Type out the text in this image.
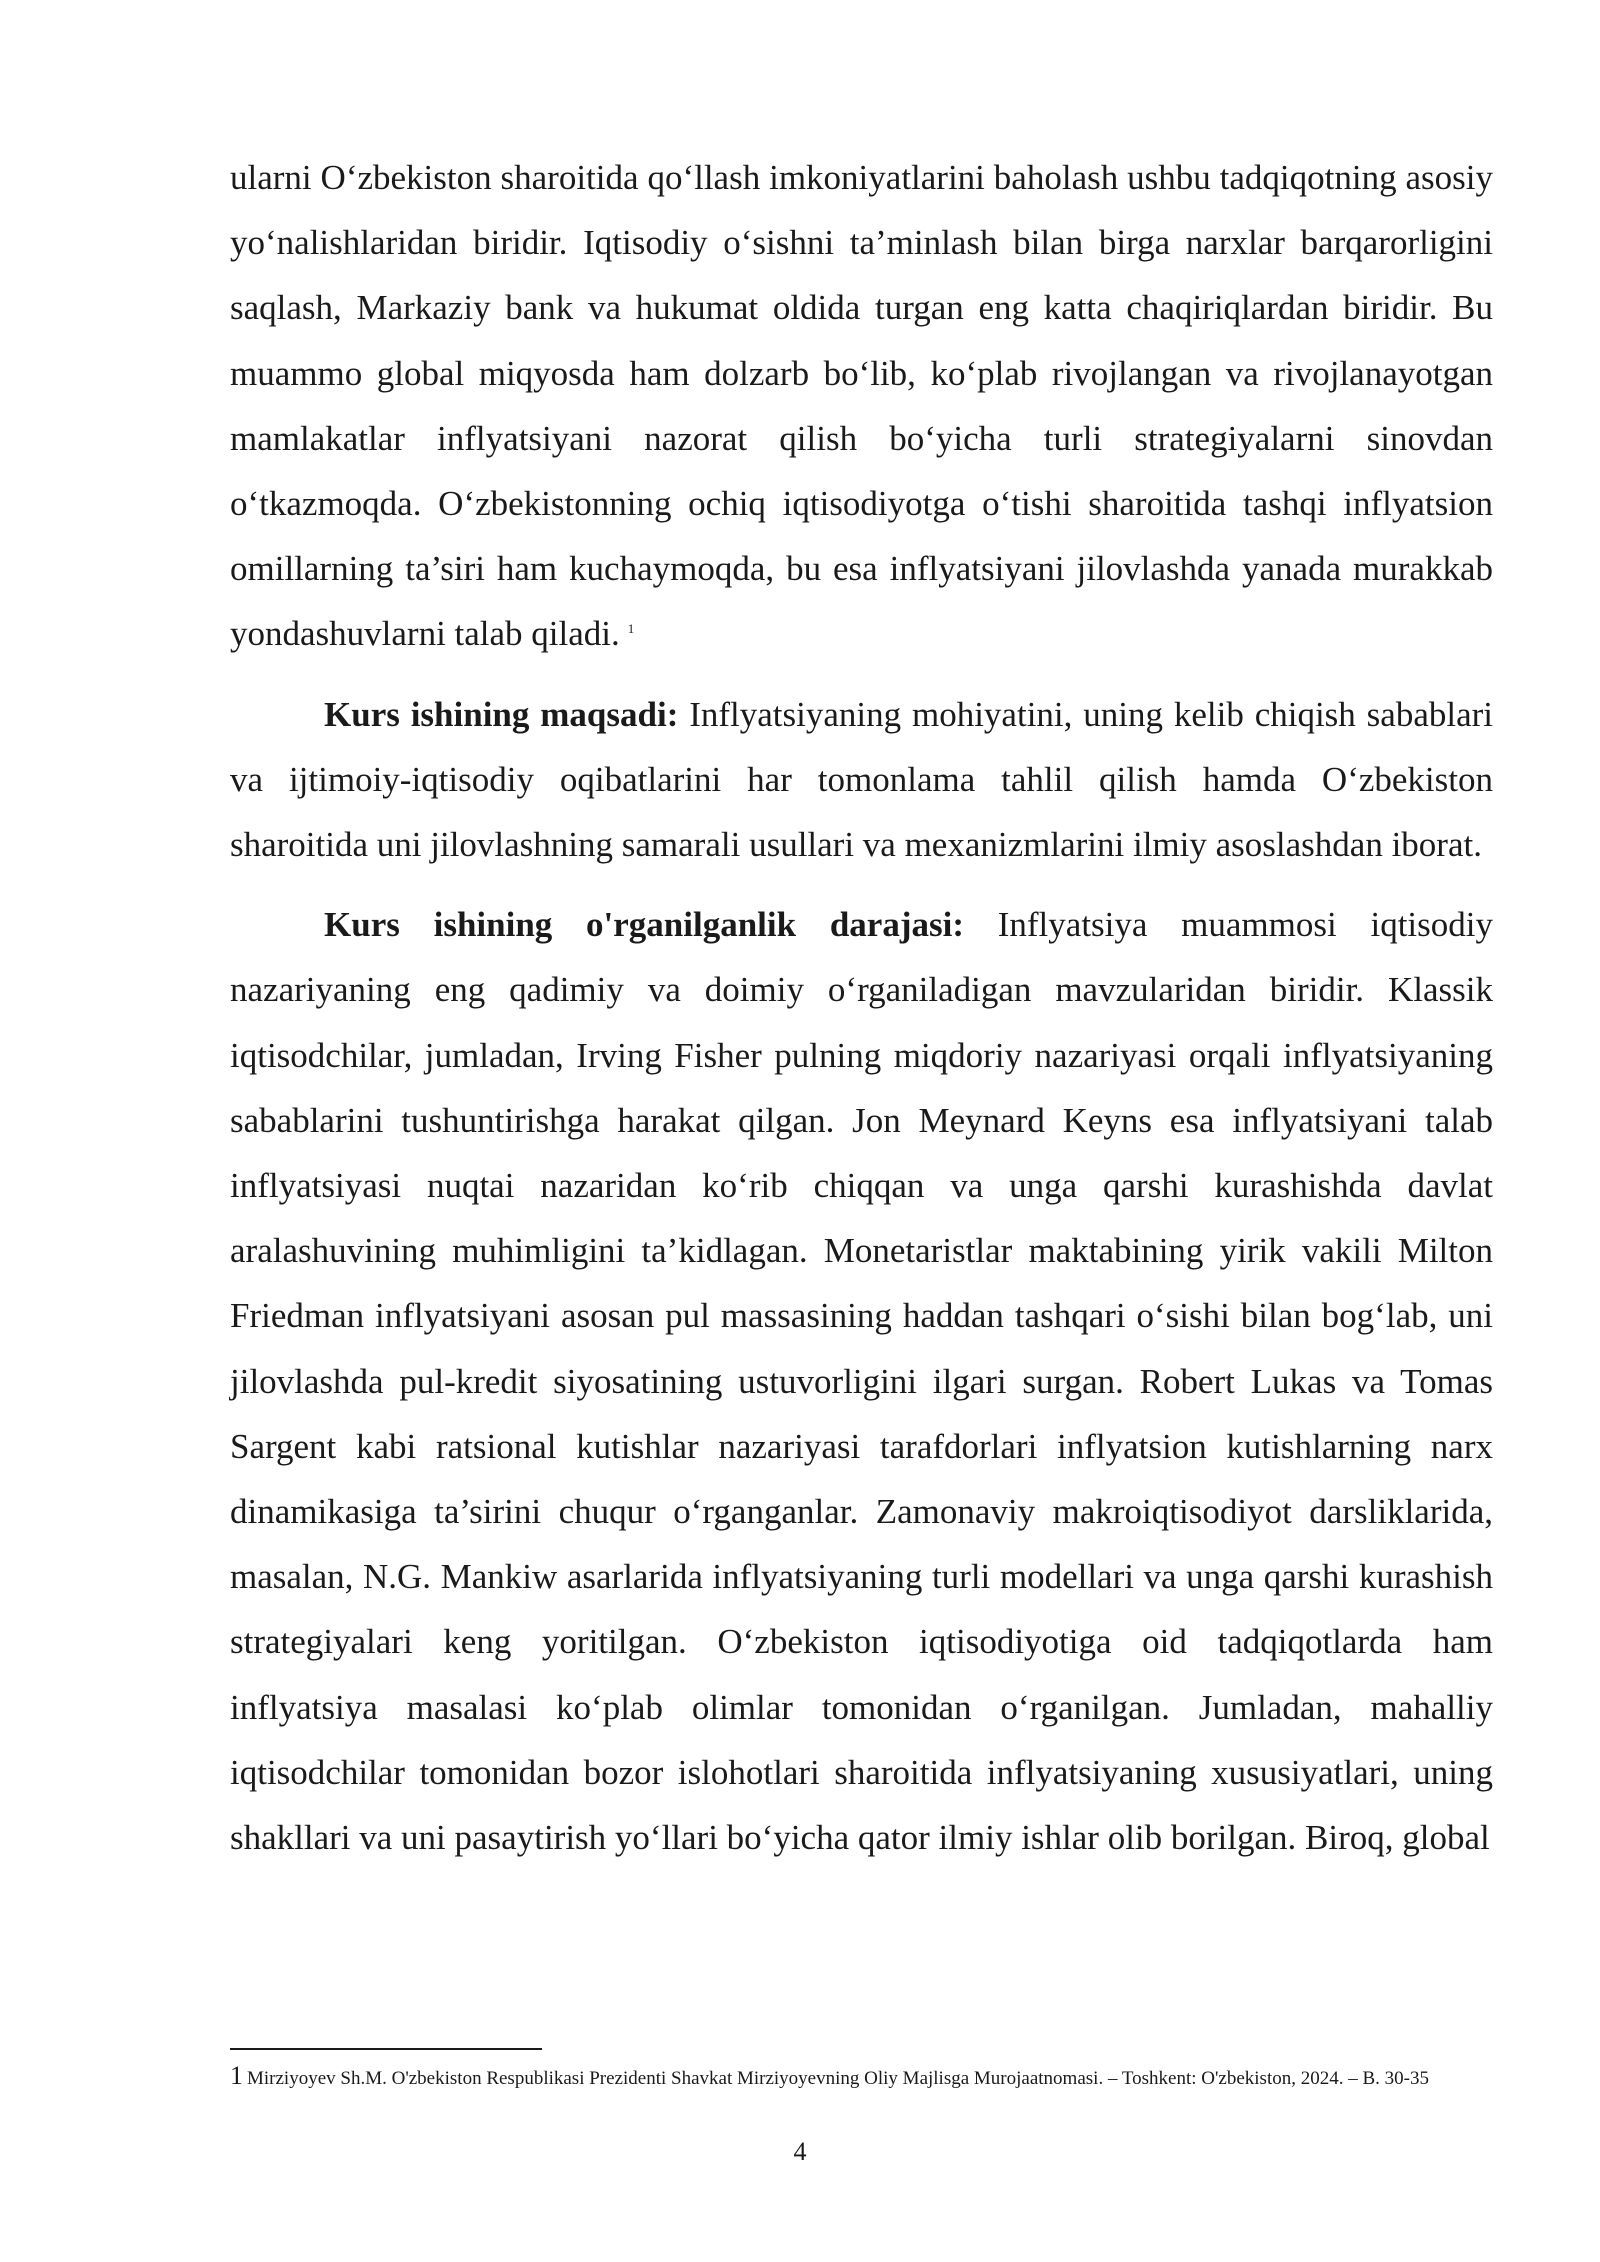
ularni O‘zbekiston sharoitida qo‘llash imkoniyatlarini baholash ushbu tadqiqotning asosiy yo‘nalishlaridan biridir. Iqtisodiy o‘sishni ta’minlash bilan birga narxlar barqarorligini saqlash, Markaziy bank va hukumat oldida turgan eng katta chaqiriqlardan biridir. Bu muammo global miqyosda ham dolzarb bo‘lib, ko‘plab rivojlangan va rivojlanayotgan mamlakatlar inflyatsiyani nazorat qilish bo‘yicha turli strategiyalarni sinovdan o‘tkazmoqda. O‘zbekistonning ochiq iqtisodiyotga o‘tishi sharoitida tashqi inflyatsion omillarning ta’siri ham kuchaymoqda, bu esa inflyatsiyani jilovlashda yanada murakkab yondashuvlarni talab qiladi. $^1$

Kurs ishining maqsadi: Inflyatsiyaning mohiyatini, uning kelib chiqish sabablari va ijtimoiy-iqtisodiy oqibatlarini har tomonlama tahlil qilish hamda O‘zbekiston sharoitida uni jilovlashning samarali usullari va mexanizmlarini ilmiy asoslashdan iborat.

Kurs ishining o'rganilganlik darajasi: Inflyatsiya muammosi iqtisodiy nazariyaning eng qadimiy va doimiy o‘rganiladigan mavzularidan biridir. Klassik iqtisodchilar, jumladan, Irving Fisher pulning miqdoriy nazariyasi orqali inflyatsiyaning sabablarini tushuntirishga harakat qilgan. Jon Meynard Keyns esa inflyatsiyani talab inflyatsiyasi nuqtai nazaridan ko‘rib chiqqan va unga qarshi kurashishda davlat aralashuvining muhimligini ta’kidlagan. Monetaristlar maktabining yirik vakili Milton Friedman inflyatsiyani asosan pul massasining haddan tashqari o‘sishi bilan bog‘lab, uni jilovlashda pul-kredit siyosatining ustuvorligini ilgari surgan. Robert Lukas va Tomas Sargent kabi ratsional kutishlar nazariyasi tarafdorlari inflyatsion kutishlarning narx dinamikasiga ta’sirini chuqur o‘rganganlar. Zamonaviy makroiqtisodiyot darsliklarida, masalan, N.G. Mankiw asarlarida inflyatsiyaning turli modellari va unga qarshi kurashish strategiyalari keng yoritilgan. O‘zbekiston iqtisodiyotiga oid tadqiqotlarda ham inflyatsiya masalasi ko‘plab olimlar tomonidan o‘rganilgan. Jumladan, mahalliy iqtisodchilar tomonidan bozor islohotlari sharoitida inflyatsiyaning xususiyatlari, uning shakllari va uni pasaytirish yo‘llari bo‘yicha qator ilmiy ishlar olib borilgan. Biroq, global

1 Mirziyoyev Sh.M. O'zbekiston Respublikasi Prezidenti Shavkat Mirziyoyevning Oliy Majlisga Murojaatnomasi. – Toshkent: O'zbekiston, 2024. – B. 30-35
4
